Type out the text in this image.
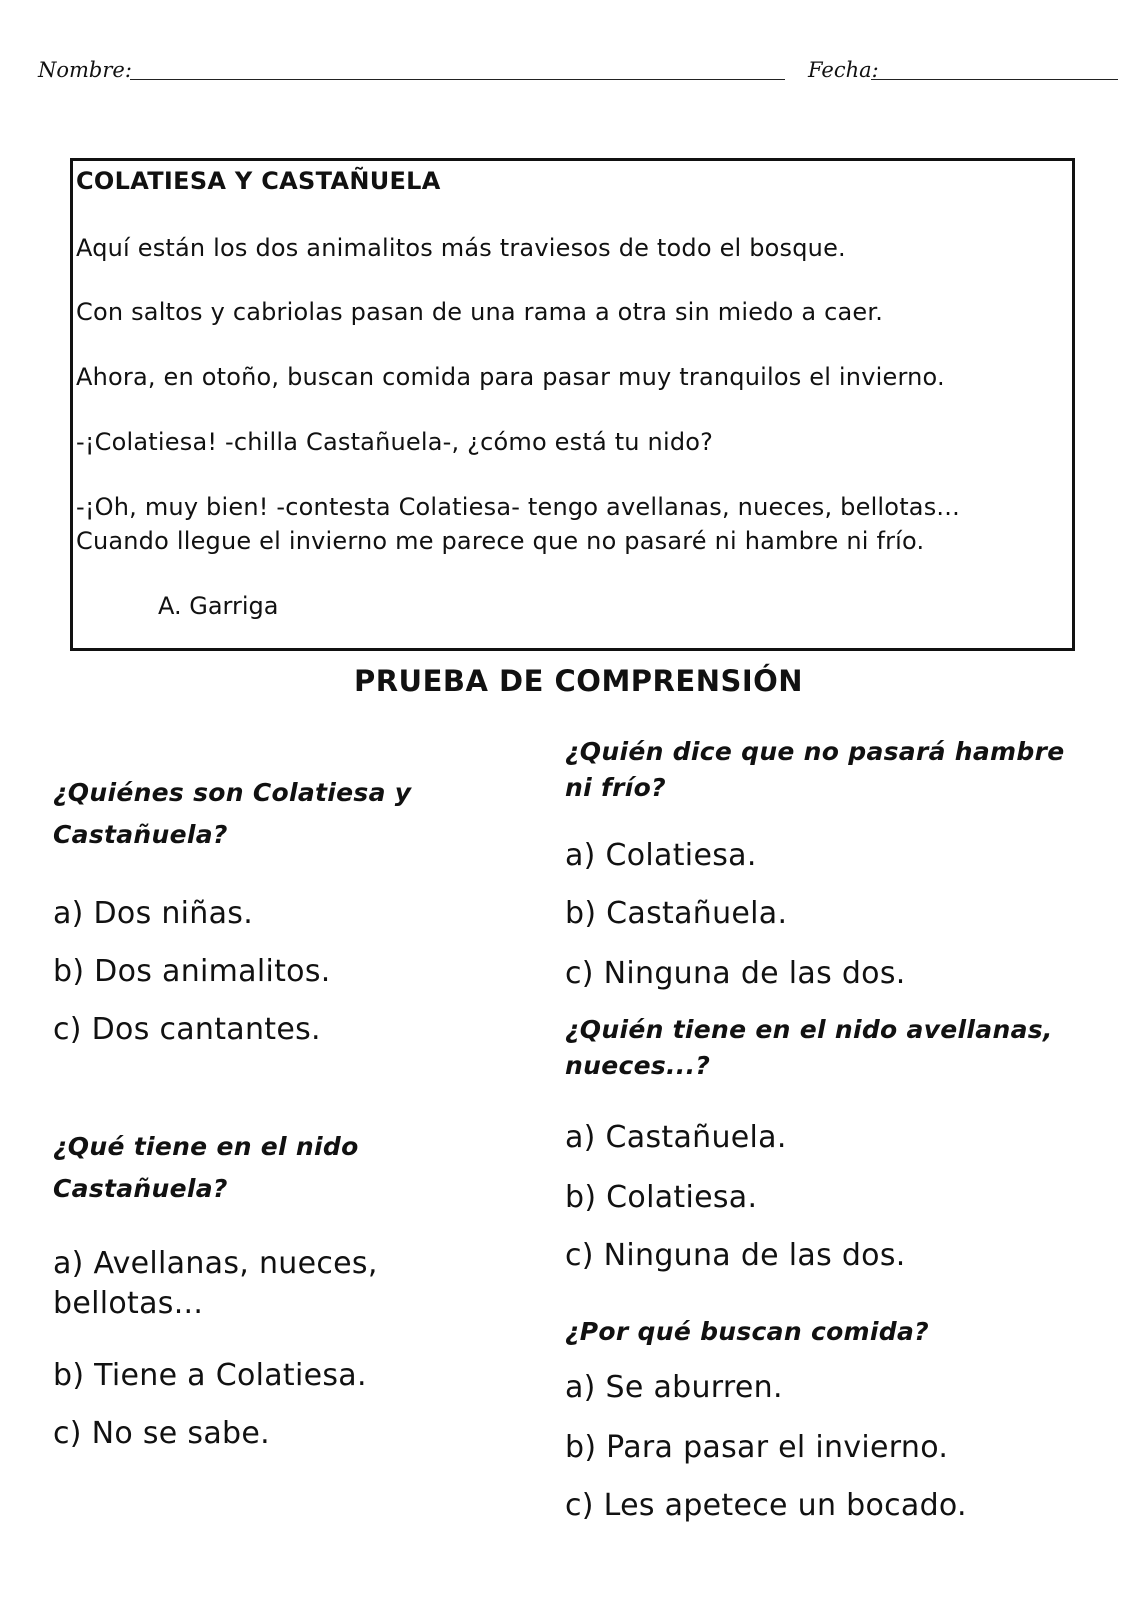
Nombre:	Fecha:
COLATIESA Y CASTAÑUELA
Aquí están los dos animalitos más traviesos de todo el bosque.
Con saltos y cabriolas pasan de una rama a otra sin miedo a caer.
Ahora, en otoño, buscan comida para pasar muy tranquilos el invierno.
-¡Colatiesa! -chilla Castañuela-, ¿cómo está tu nido?
-¡Oh, muy bien! -contesta Colatiesa- tengo avellanas, nueces, bellotas... Cuando llegue el invierno me parece que no pasaré ni hambre ni frío.
A. Garriga
PRUEBA DE COMPRENSIÓN
¿Quiénes son Colatiesa y Castañuela?
a) Dos niñas.
b) Dos animalitos.
c) Dos cantantes.
¿Qué tiene en el nido Castañuela?
a) Avellanas, nueces, bellotas...
b) Tiene a Colatiesa.
c) No se sabe.
¿Quién dice que no pasará hambre ni frío?
a) Colatiesa.
b) Castañuela.
c) Ninguna de las dos.
¿Quién tiene en el nido avellanas, nueces...?
a) Castañuela.
b) Colatiesa.
c) Ninguna de las dos.
¿Por qué buscan comida?
a) Se aburren.
b) Para pasar el invierno.
c) Les apetece un bocado.
